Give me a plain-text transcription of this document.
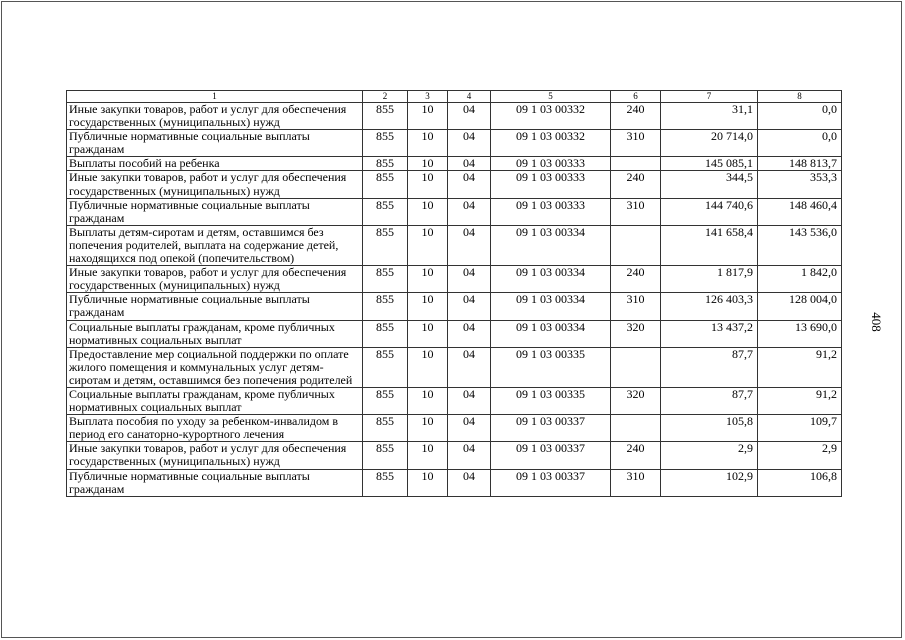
408
1	2	3	4	5	6	7	8
Иные закупки товаров, работ и услуг для обеспечения государственных (муниципальных) нужд	855	10	04	09 1 03 00332	240	31,1	0,0
Публичные нормативные социальные выплаты гражданам	855	10	04	09 1 03 00332	310	20 714,0	0,0
Выплаты пособий на ребенка	855	10	04	09 1 03 00333		145 085,1	148 813,7
Иные закупки товаров, работ и услуг для обеспечения государственных (муниципальных) нужд	855	10	04	09 1 03 00333	240	344,5	353,3
Публичные нормативные социальные выплаты гражданам	855	10	04	09 1 03 00333	310	144 740,6	148 460,4
Выплаты детям-сиротам и детям, оставшимся без попечения родителей, выплата на содержание детей, находящихся под опекой (попечительством)	855	10	04	09 1 03 00334		141 658,4	143 536,0
Иные закупки товаров, работ и услуг для обеспечения государственных (муниципальных) нужд	855	10	04	09 1 03 00334	240	1 817,9	1 842,0
Публичные нормативные социальные выплаты гражданам	855	10	04	09 1 03 00334	310	126 403,3	128 004,0
Социальные выплаты гражданам, кроме публичных нормативных социальных выплат	855	10	04	09 1 03 00334	320	13 437,2	13 690,0
Предоставление мер социальной поддержки по оплате жилого помещения и коммунальных услуг детям-сиротам и детям, оставшимся без попечения родителей	855	10	04	09 1 03 00335		87,7	91,2
Социальные выплаты гражданам, кроме публичных нормативных социальных выплат	855	10	04	09 1 03 00335	320	87,7	91,2
Выплата пособия по уходу за ребенком-инвалидом в период его санаторно-курортного лечения	855	10	04	09 1 03 00337		105,8	109,7
Иные закупки товаров, работ и услуг для обеспечения государственных (муниципальных) нужд	855	10	04	09 1 03 00337	240	2,9	2,9
Публичные нормативные социальные выплаты гражданам	855	10	04	09 1 03 00337	310	102,9	106,8
